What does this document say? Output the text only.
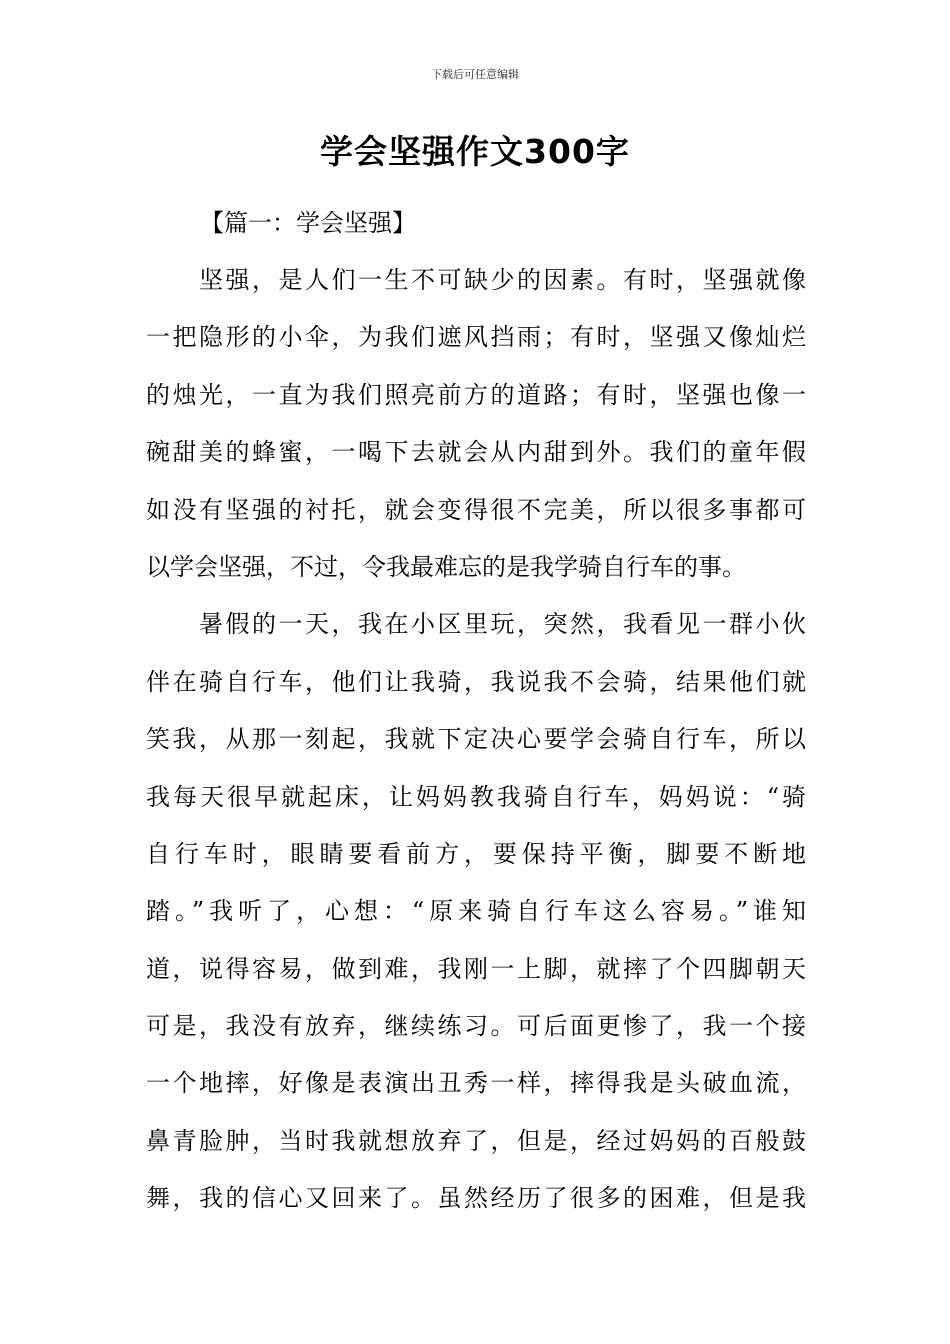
下载后可任意编辑
学会坚强作文300字
【篇一：学会坚强】
坚强，是人们一生不可缺少的因素。有时，坚强就像
一把隐形的小伞，为我们遮风挡雨；有时，坚强又像灿烂
的烛光，一直为我们照亮前方的道路；有时，坚强也像一
碗甜美的蜂蜜，一喝下去就会从内甜到外。我们的童年假
如没有坚强的衬托，就会变得很不完美，所以很多事都可
以学会坚强，不过，令我最难忘的是我学骑自行车的事。
暑假的一天，我在小区里玩，突然，我看见一群小伙
伴在骑自行车，他们让我骑，我说我不会骑，结果他们就
笑我，从那一刻起，我就下定决心要学会骑自行车，所以
我每天很早就起床，让妈妈教我骑自行车，妈妈说：“骑
自行车时，眼睛要看前方，要保持平衡，脚要不断地
踏。”我听了，心想：“原来骑自行车这么容易。”谁知
道，说得容易，做到难，我刚一上脚，就摔了个四脚朝天
可是，我没有放弃，继续练习。可后面更惨了，我一个接
一个地摔，好像是表演出丑秀一样，摔得我是头破血流，
鼻青脸肿，当时我就想放弃了，但是，经过妈妈的百般鼓
舞，我的信心又回来了。虽然经历了很多的困难，但是我
